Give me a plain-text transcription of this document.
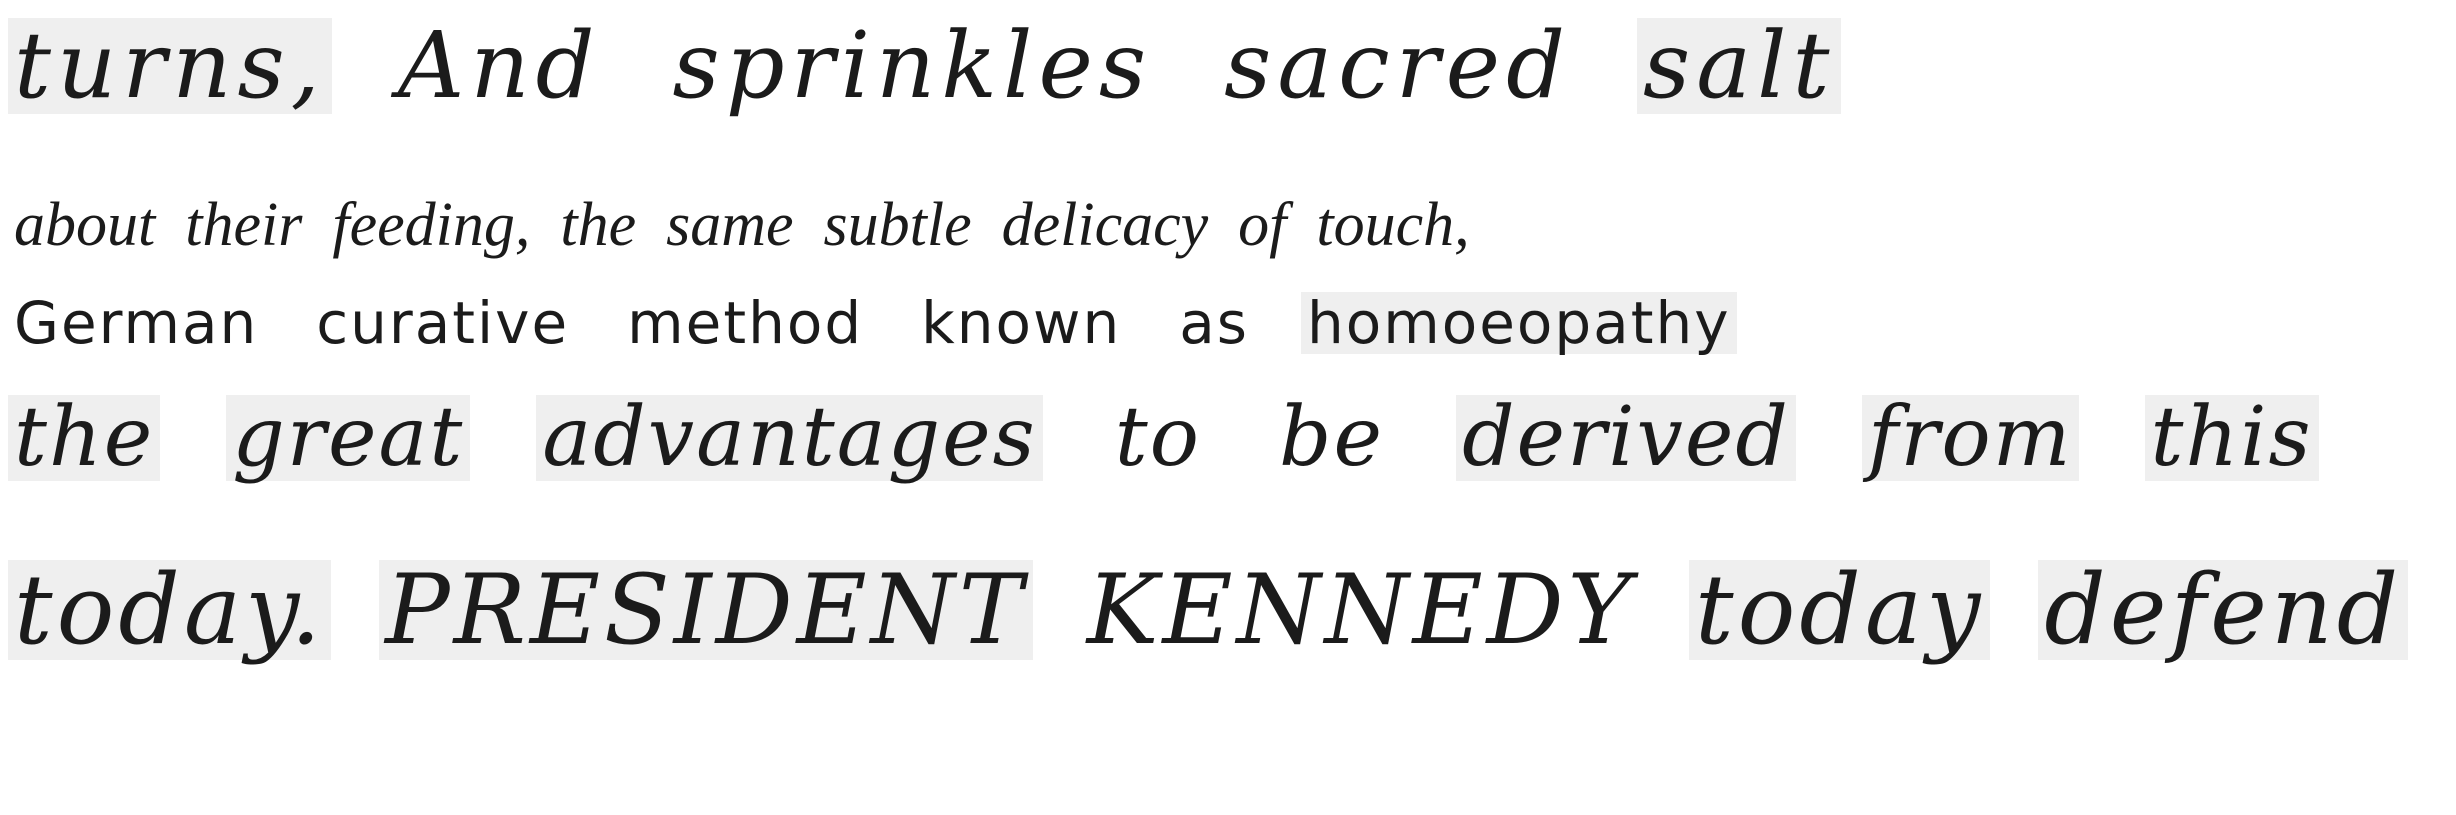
turns, And sprinkles sacred salt
about their feeding, the same subtle delicacy of touch,
German curative method known as homoeopathy
the great advantages to be derived from this
today. PRESIDENT KENNEDY today defend
